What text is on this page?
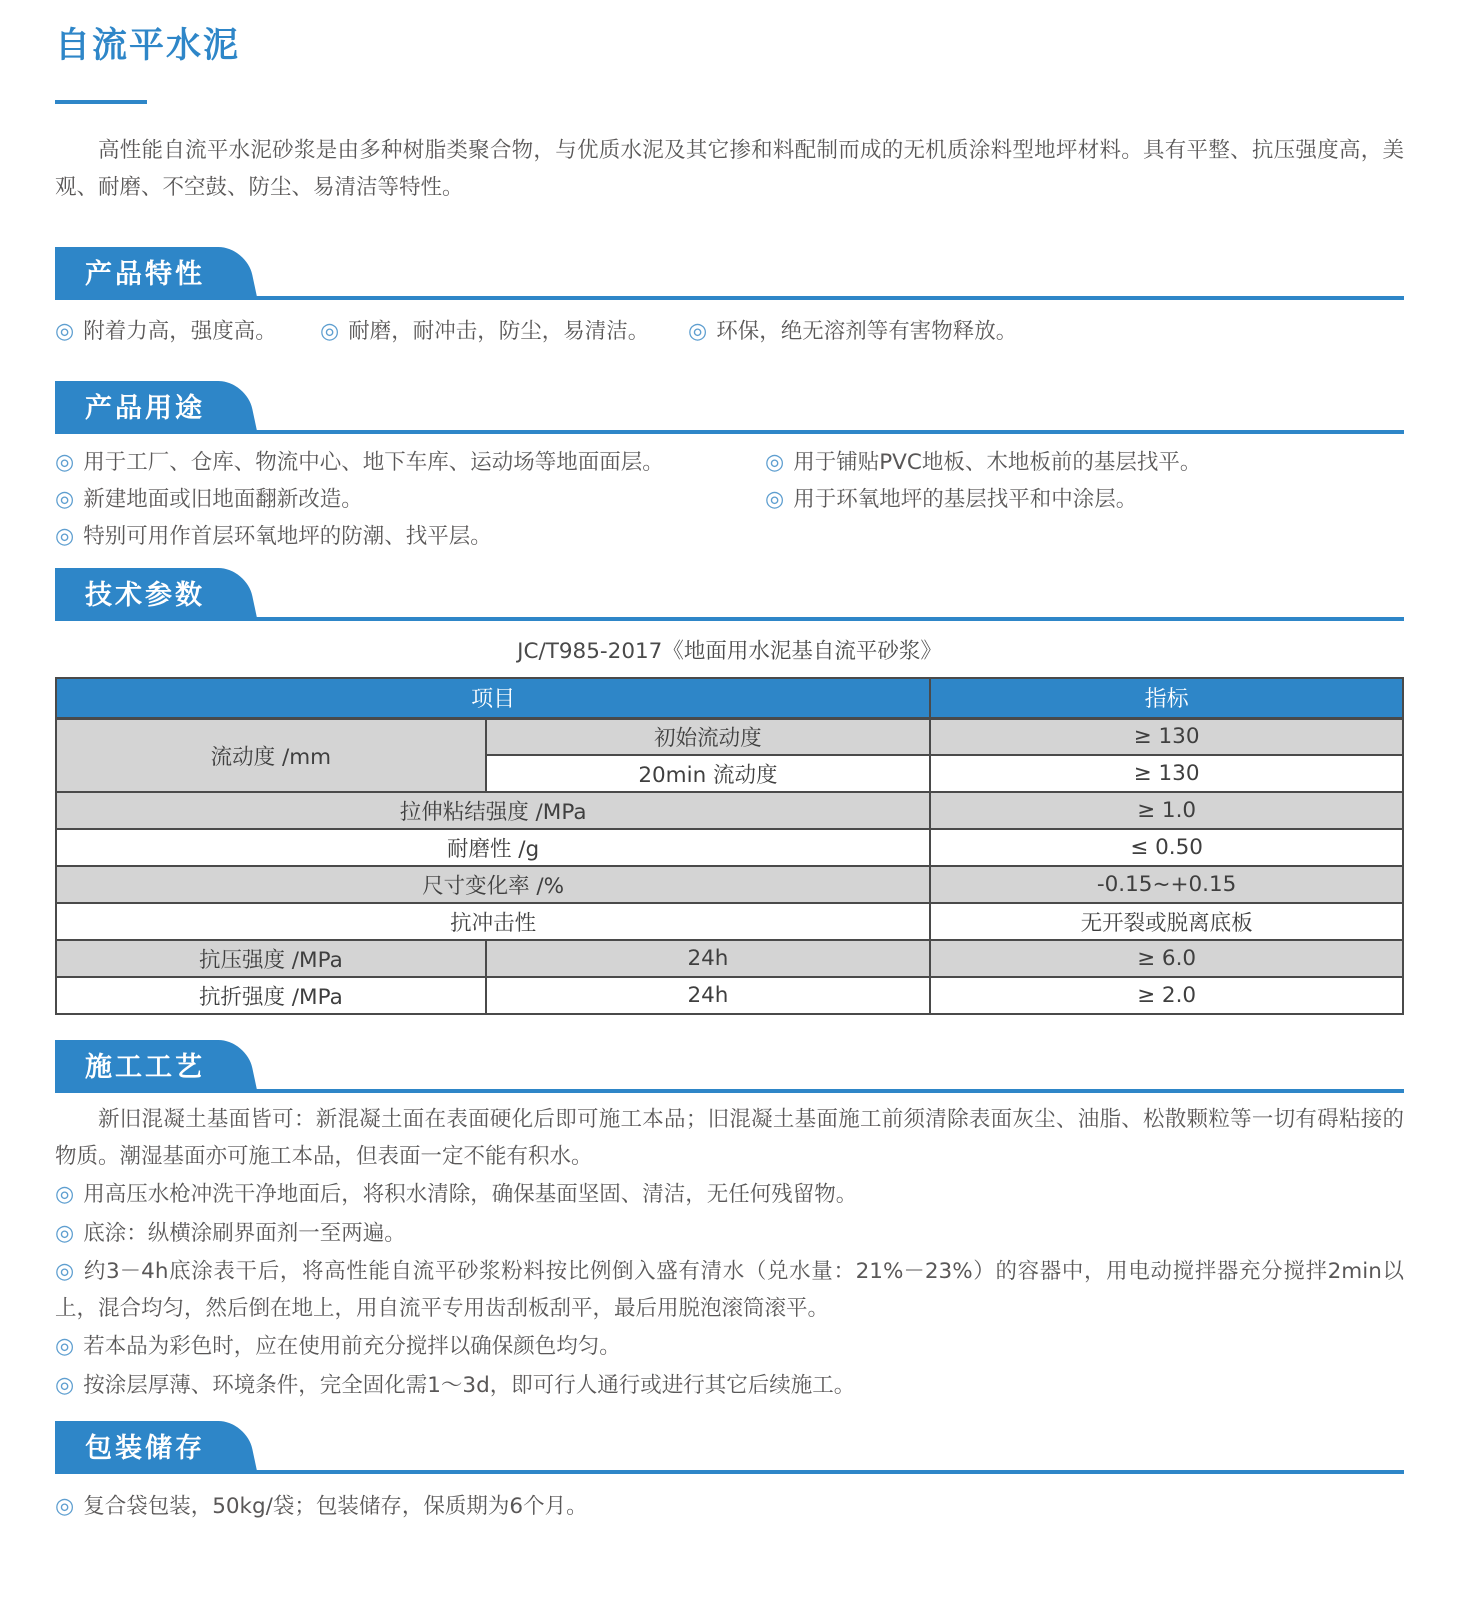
自流平水泥

高性能自流平水泥砂浆是由多种树脂类聚合物，与优质水泥及其它掺和料配制而成的无机质涂料型地坪材料。具有平整、抗压强度高，美观、耐磨、不空鼓、防尘、易清洁等特性。

产品特性
◎ 附着力高，强度高。	◎ 耐磨，耐冲击，防尘，易清洁。	◎ 环保，绝无溶剂等有害物释放。
产品用途
◎ 用于工厂、仓库、物流中心、地下车库、运动场等地面面层。	◎ 用于铺贴PVC地板、木地板前的基层找平。
◎ 新建地面或旧地面翻新改造。	◎ 用于环氧地坪的基层找平和中涂层。
◎ 特别可用作首层环氧地坪的防潮、找平层。
技术参数
JC/T985-2017《地面用水泥基自流平砂浆》
项目		指标
流动度 /mm	初始流动度	≥ 130
	20min 流动度	≥ 130
拉伸粘结强度 /MPa		≥ 1.0
耐磨性 /g		≤ 0.50
尺寸变化率 /%		-0.15~+0.15
抗冲击性		无开裂或脱离底板
抗压强度 /MPa	24h	≥ 6.0
抗折强度 /MPa	24h	≥ 2.0
施工工艺

新旧混凝土基面皆可：新混凝土面在表面硬化后即可施工本品；旧混凝土基面施工前须清除表面灰尘、油脂、松散颗粒等一切有碍粘接的物质。潮湿基面亦可施工本品，但表面一定不能有积水。

◎ 用高压水枪冲洗干净地面后，将积水清除，确保基面坚固、清洁，无任何残留物。
◎ 底涂：纵横涂刷界面剂一至两遍。
◎ 约3－4h底涂表干后，将高性能自流平砂浆粉料按比例倒入盛有清水（兑水量：21%－23%）的容器中，用电动搅拌器充分搅拌2min以上，混合均匀，然后倒在地上，用自流平专用齿刮板刮平，最后用脱泡滚筒滚平。
◎ 若本品为彩色时，应在使用前充分搅拌以确保颜色均匀。
◎ 按涂层厚薄、环境条件，完全固化需1～3d，即可行人通行或进行其它后续施工。
包装储存
◎ 复合袋包装，50kg/袋；包装储存，保质期为6个月。
